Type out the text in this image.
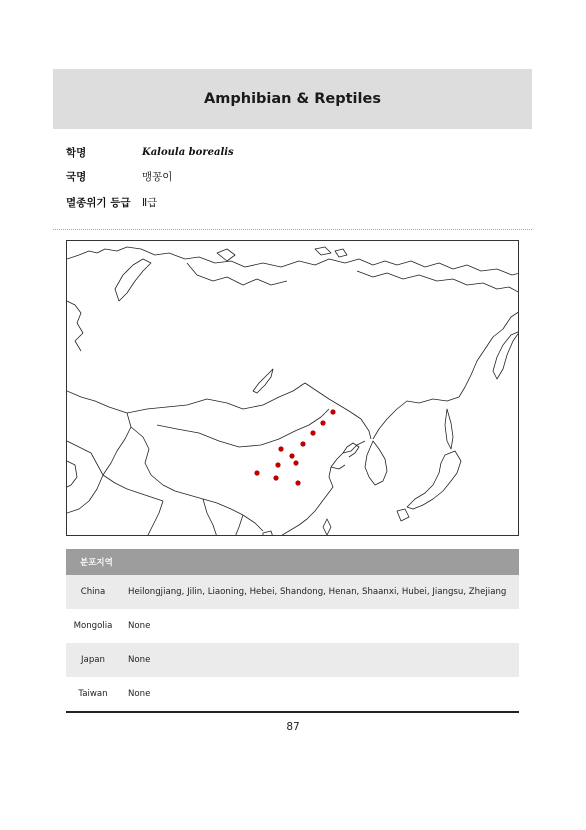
Amphibian & Reptiles
학명	Kaloula borealis
국명	맹꽁이
멸종위기 등급	Ⅱ급
분포지역
China	Heilongjiang, Jilin, Liaoning, Hebei, Shandong, Henan, Shaanxi, Hubei, Jiangsu, Zhejiang
Mongolia	None
Japan	None
Taiwan	None
87
